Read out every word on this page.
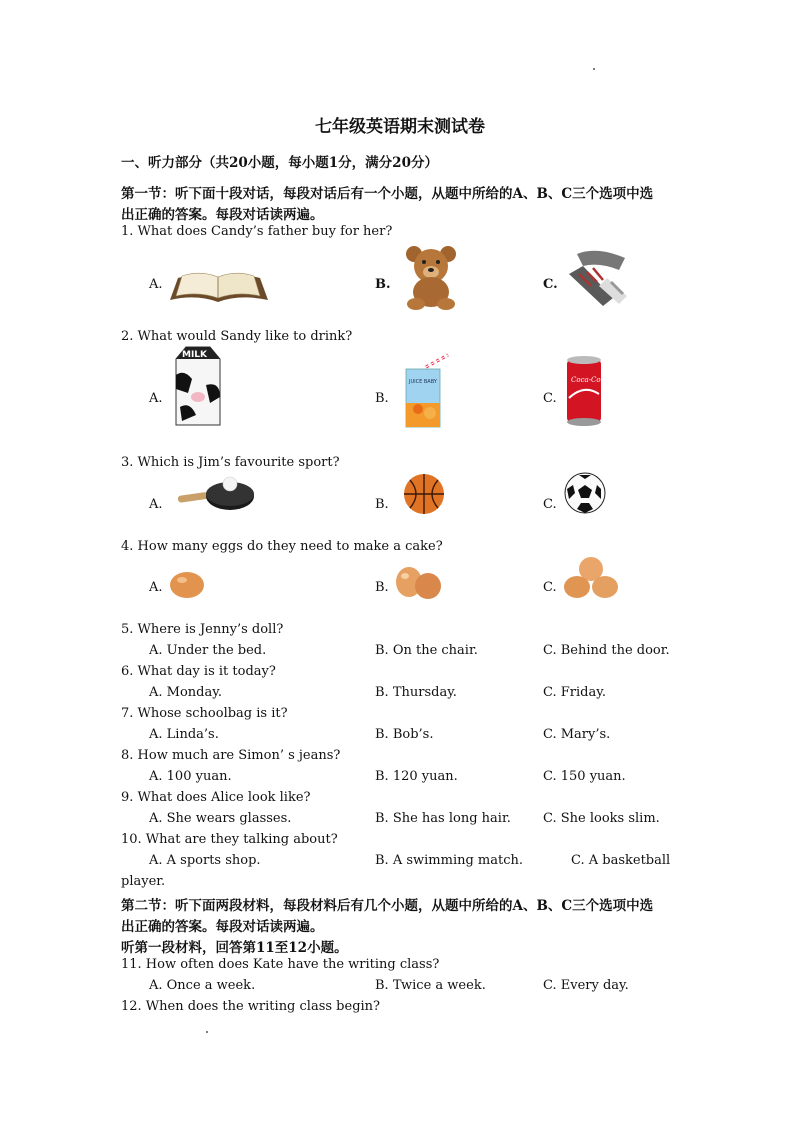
七年级英语期末测试卷
一、听力部分（共20小题，每小题1分，满分20分）
第一节：听下面十段对话，每段对话后有一个小题，从题中所给的A、B、C三个选项中选
出正确的答案。每段对话读两遍。
1. What does Candy’s father buy for her?
A.	B.	C.
2. What would Sandy like to drink?
A.	B.	C.
MILK
JUICE BABY	Coca-Cola
3. Which is Jim’s favourite sport?
A.	B.	C.
4. How many eggs do they need to make a cake?
A.	B.	C.
5. Where is Jenny’s doll?
A. Under the bed.	B. On the chair.	C. Behind the door.
6. What day is it today?
A. Monday.	B. Thursday.	C. Friday.
7. Whose schoolbag is it?
A. Linda’s.	B. Bob’s.	C. Mary’s.
8. How much are Simon’ s jeans?
A. 100 yuan.	B. 120 yuan.	C. 150 yuan.
9. What does Alice look like?
A. She wears glasses.	B. She has long hair. C. She looks slim.
10. What are they talking about?
A. A sports shop.	B. A swimming match.	C. A basketball
player.
第二节：听下面两段材料，每段材料后有几个小题，从题中所给的A、B、C三个选项中选
出正确的答案。每段对话读两遍。
听第一段材料，回答第11至12小题。
11. How often does Kate have the writing class?
A. Once a week.	B. Twice a week.	C. Every day.
12. When does the writing class begin?
